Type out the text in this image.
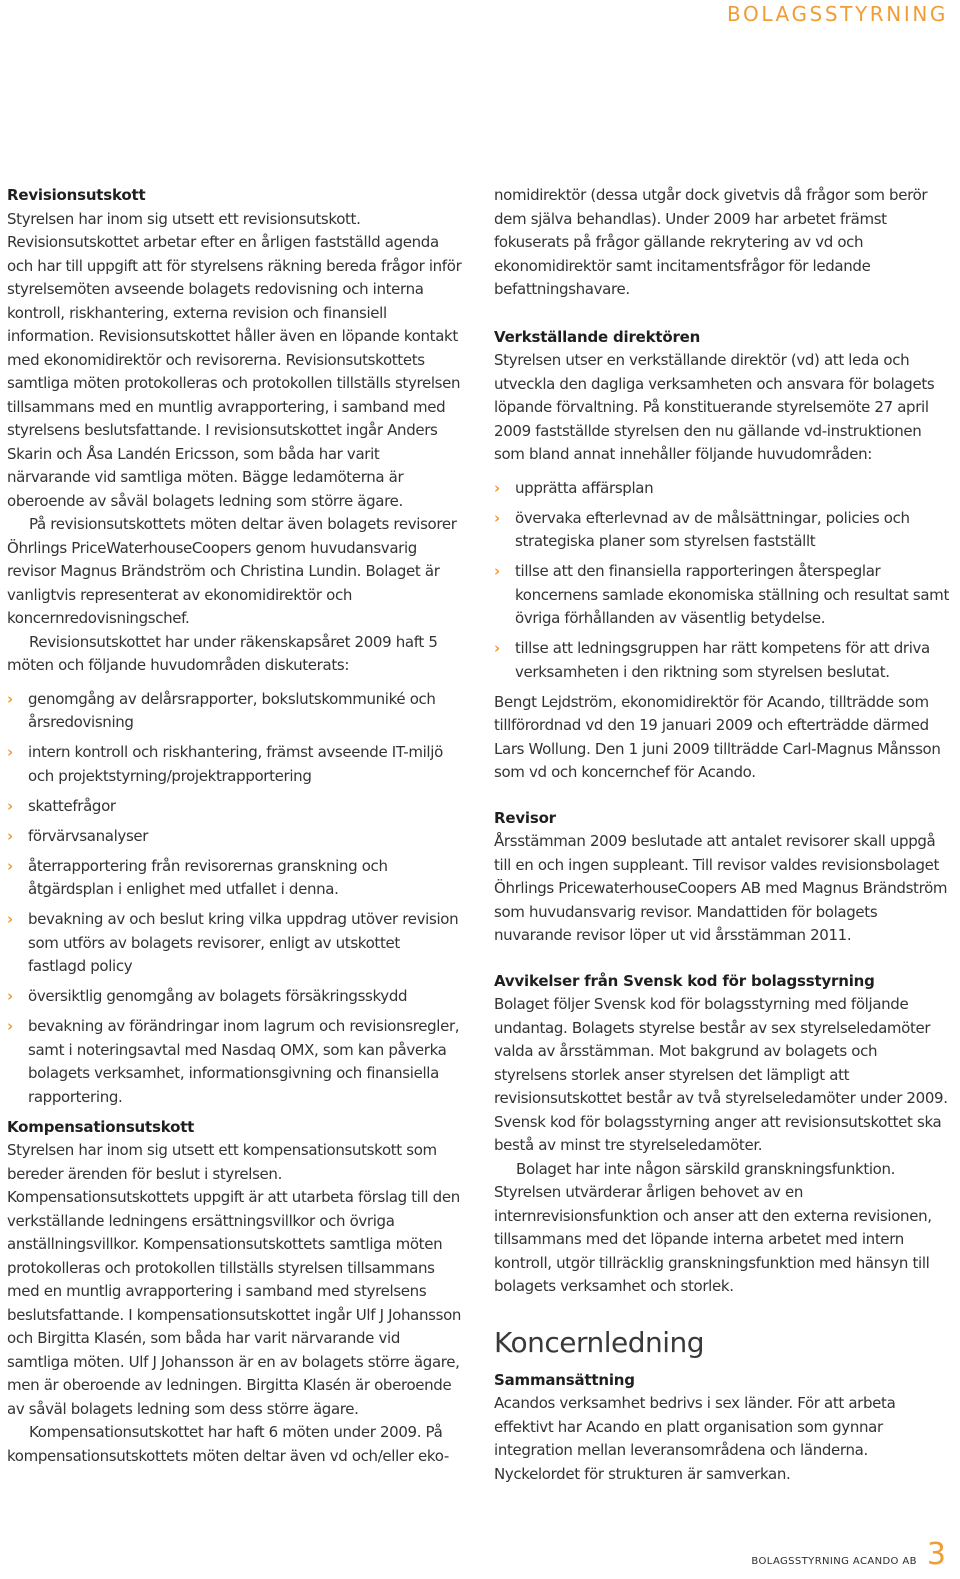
BOLAGSSTYRNING
Revisionsutskott

Styrelsen har inom sig utsett ett revisionsutskott. Revisionsutskottet arbetar efter en årligen fastställd agenda och har till uppgift att för styrelsens räkning bereda frågor inför styrelsemöten avseende bolagets redovisning och interna kontroll, riskhantering, externa revision och finansiell information. Revisionsutskottet håller även en löpande kontakt med ekonomidirektör och revisorerna. Revisionsutskottets samtliga möten protokolleras och protokollen tillställs styrelsen tillsammans med en muntlig avrapportering, i samband med styrelsens beslutsfattande. I revisionsutskottet ingår Anders Skarin och Åsa Landén Ericsson, som båda har varit närvarande vid samtliga möten. Bägge ledamöterna är oberoende av såväl bolagets ledning som större ägare.

På revisionsutskottets möten deltar även bolagets revisorer Öhrlings PriceWaterhouseCoopers genom huvudansvarig revisor Magnus Brändström och Christina Lundin. Bolaget är vanligtvis representerat av ekonomidirektör och koncernredovisningschef.

Revisionsutskottet har under räkenskapsåret 2009 haft 5 möten och följande huvudområden diskuterats:

› genomgång av delårsrapporter, bokslutskommuniké och årsredovisning
› intern kontroll och riskhantering, främst avseende IT-miljö och projektstyrning/projektrapportering
› skattefrågor
› förvärvsanalyser
› återrapportering från revisorernas granskning och åtgärdsplan i enlighet med utfallet i denna.
› bevakning av och beslut kring vilka uppdrag utöver revision som utförs av bolagets revisorer, enligt av utskottet fastlagd policy
› översiktlig genomgång av bolagets försäkringsskydd
› bevakning av förändringar inom lagrum och revisionsregler, samt i noteringsavtal med Nasdaq OMX, som kan påverka bolagets verksamhet, informationsgivning och finansiella rapportering.
Kompensationsutskott

Styrelsen har inom sig utsett ett kompensationsutskott som bereder ärenden för beslut i styrelsen. Kompensationsutskottets uppgift är att utarbeta förslag till den verkställande ledningens ersättningsvillkor och övriga anställningsvillkor. Kompensationsutskottets samtliga möten protokolleras och protokollen tillställs styrelsen tillsammans med en muntlig avrapportering i samband med styrelsens beslutsfattande. I kompensationsutskottet ingår Ulf J Johansson och Birgitta Klasén, som båda har varit närvarande vid samtliga möten. Ulf J Johansson är en av bolagets större ägare, men är oberoende av ledningen. Birgitta Klasén är oberoende av såväl bolagets ledning som dess större ägare.

Kompensationsutskottet har haft 6 möten under 2009. På kompensationsutskottets möten deltar även vd och/eller eko-

nomidirektör (dessa utgår dock givetvis då frågor som berör dem själva behandlas). Under 2009 har arbetet främst fokuserats på frågor gällande rekrytering av vd och ekonomidirektör samt incitamentsfrågor för ledande befattningshavare.

Verkställande direktören

Styrelsen utser en verkställande direktör (vd) att leda och utveckla den dagliga verksamheten och ansvara för bolagets löpande förvaltning. På konstituerande styrelsemöte 27 april 2009 fastställde styrelsen den nu gällande vd-instruktionen som bland annat innehåller följande huvudområden:

› upprätta affärsplan
› övervaka efterlevnad av de målsättningar, policies och strategiska planer som styrelsen fastställt
› tillse att den finansiella rapporteringen återspeglar koncernens samlade ekonomiska ställning och resultat samt övriga förhållanden av väsentlig betydelse.
› tillse att ledningsgruppen har rätt kompetens för att driva verksamheten i den riktning som styrelsen beslutat.

Bengt Lejdström, ekonomidirektör för Acando, tillträdde som tillförordnad vd den 19 januari 2009 och efterträdde därmed Lars Wollung. Den 1 juni 2009 tillträdde Carl-Magnus Månsson som vd och koncernchef för Acando.

Revisor

Årsstämman 2009 beslutade att antalet revisorer skall uppgå till en och ingen suppleant. Till revisor valdes revisionsbolaget Öhrlings PricewaterhouseCoopers AB med Magnus Brändström som huvudansvarig revisor. Mandattiden för bolagets nuvarande revisor löper ut vid årsstämman 2011.

Avvikelser från Svensk kod för bolagsstyrning

Bolaget följer Svensk kod för bolagsstyrning med följande undantag. Bolagets styrelse består av sex styrelseledamöter valda av årsstämman. Mot bakgrund av bolagets och styrelsens storlek anser styrelsen det lämpligt att revisionsutskottet består av två styrelseledamöter under 2009. Svensk kod för bolagsstyrning anger att revisionsutskottet ska bestå av minst tre styrelseledamöter.

Bolaget har inte någon särskild granskningsfunktion. Styrelsen utvärderar årligen behovet av en internrevisionsfunktion och anser att den externa revisionen, tillsammans med det löpande interna arbetet med intern kontroll, utgör tillräcklig granskningsfunktion med hänsyn till bolagets verksamhet och storlek.

Koncernledning
Sammansättning

Acandos verksamhet bedrivs i sex länder. För att arbeta effektivt har Acando en platt organisation som gynnar integration mellan leveransområdena och länderna. Nyckelordet för strukturen är samverkan.

BOLAGSSTYRNING ACANDO AB 3
